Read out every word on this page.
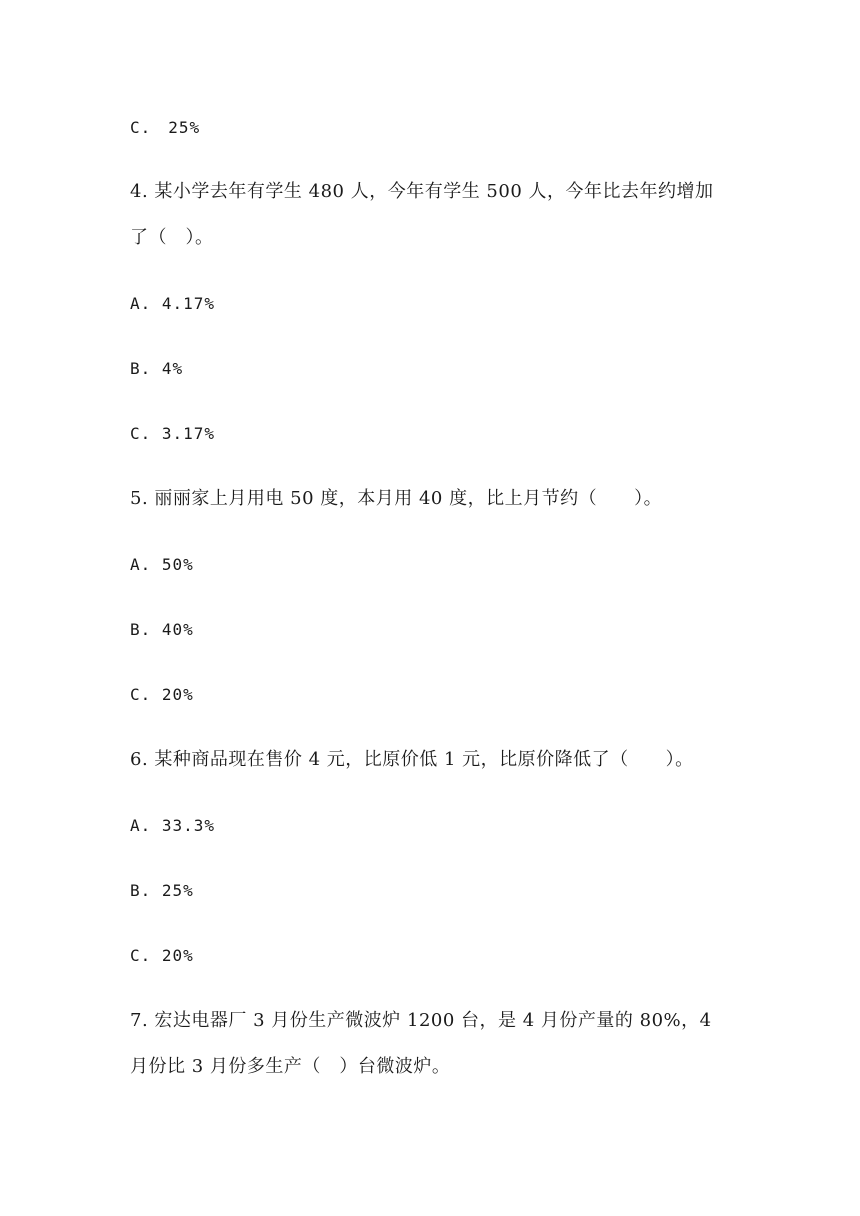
C.　25%
4. 某小学去年有学生 480 人，今年有学生 500 人，今年比去年约增加
了（　）。
A. 4.17%
B. 4%
C. 3.17%
5. 丽丽家上月用电 50 度，本月用 40 度，比上月节约（　　）。
A. 50%
B. 40%
C. 20%
6. 某种商品现在售价 4 元，比原价低 1 元，比原价降低了（　　）。
A. 33.3%
B. 25%
C. 20%
7. 宏达电器厂 3 月份生产微波炉 1200 台，是 4 月份产量的 80%，4
月份比 3 月份多生产（　）台微波炉。
